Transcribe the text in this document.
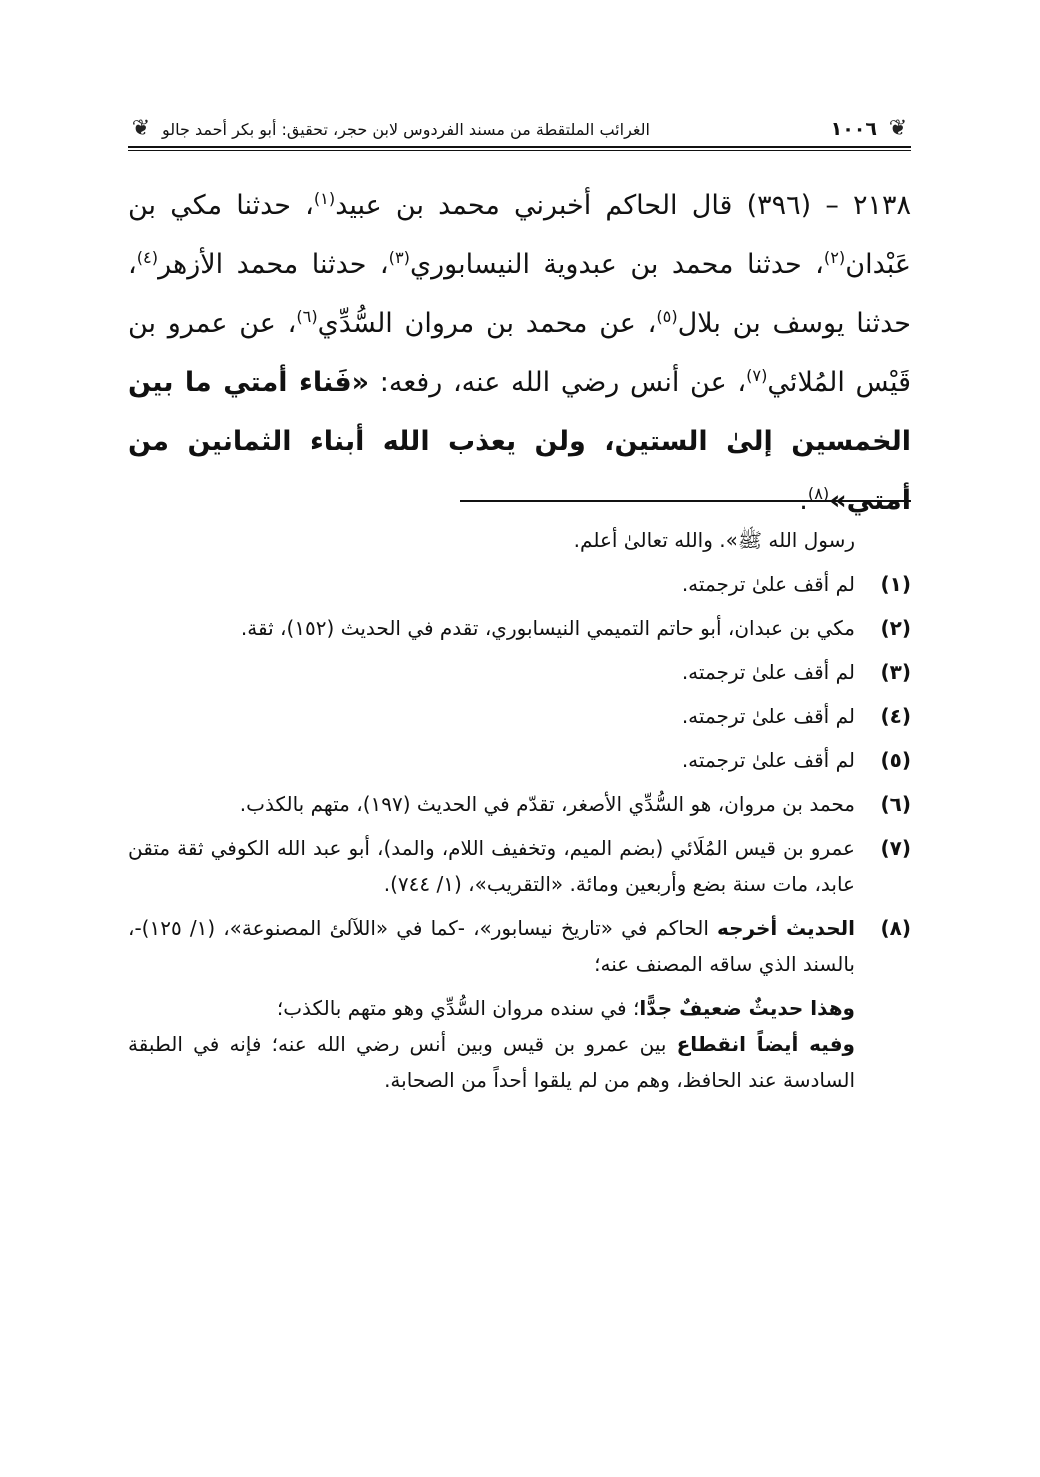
❦
١٠٠٦
الغرائب الملتقطة من مسند الفردوس لابن حجر، تحقيق: أبو بكر أحمد جالو
❦
٢١٣٨ – (٣٩٦) قال الحاكم أخبرني محمد بن عبيد$^{(١)}$، حدثنا مكي بن عَبْدان$^{(٢)}$، حدثنا محمد بن عبدوية النيسابوري$^{(٣)}$، حدثنا محمد الأزهر$^{(٤)}$، حدثنا يوسف بن بلال$^{(٥)}$، عن محمد بن مروان السُّدِّي$^{(٦)}$، عن عمرو بن قَيْس المُلائي$^{(٧)}$، عن أنس رضي الله عنه، رفعه: «فَناء أمتي ما بين الخمسين إلىٰ الستين، ولن يعذب الله أبناء الثمانين من أمتي»$^{(٨)}$.
رسول الله ﷺ». والله تعالىٰ أعلم.
(١)
لم أقف علىٰ ترجمته.
(٢)
مكي بن عبدان، أبو حاتم التميمي النيسابوري، تقدم في الحديث (١٥٢)، ثقة.
(٣)
لم أقف علىٰ ترجمته.
(٤)
لم أقف علىٰ ترجمته.
(٥)
لم أقف علىٰ ترجمته.
(٦)
محمد بن مروان، هو السُّدِّي الأصغر، تقدّم في الحديث (١٩٧)، متهم بالكذب.
(٧)
عمرو بن قيس المُلَائي (بضم الميم، وتخفيف اللام، والمد)، أبو عبد الله الكوفي ثقة متقن عابد، مات سنة بضع وأربعين ومائة. «التقريب»، (١/ ٧٤٤).
(٨)
الحديث أخرجه الحاكم في «تاريخ نيسابور»، -كما في «اللآلئ المصنوعة»، (١/ ١٢٥)-، بالسند الذي ساقه المصنف عنه؛
وهذا حديثٌ ضعيفٌ جدًّا؛ في سنده مروان السُّدِّي وهو متهم بالكذب؛
وفيه أيضاً انقطاع بين عمرو بن قيس وبين أنس رضي الله عنه؛ فإنه في الطبقة السادسة عند الحافظ، وهم من لم يلقوا أحداً من الصحابة.
